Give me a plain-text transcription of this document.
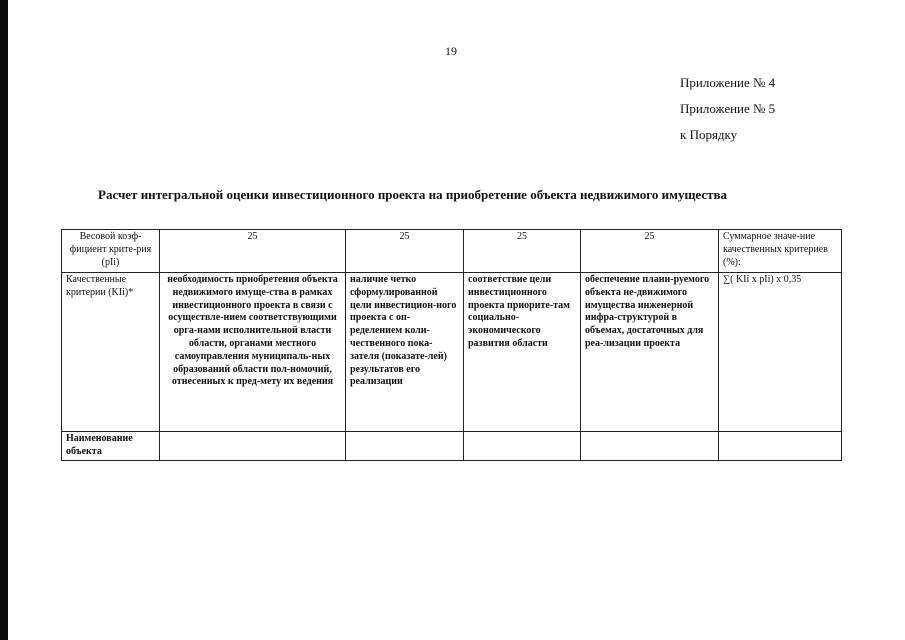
19
Приложение № 4
Приложение № 5
к Порядку
Расчет интегральной оценки инвестиционного проекта на приобретение объекта недвижимого имущества
Весовой коэф-фициент крите-рия (pIi)	25	25	25	25	Суммарное значе-ние качественных критериев (%):
Качественные критерии (KIi)*	необходимость приобретения объекта недвижимого имуще-ства в рамках инвестиционного проекта в связи с осуществле-нием соответствующими орга-нами исполнительной власти области, органами местного самоуправления муниципаль-ных образований области пол-номочий, отнесенных к пред-мету их ведения	наличие четко сформулированной цели инвестицион-ного проекта с оп-ределением коли-чественного пока-зателя (показате-лей) результатов его реализации	соответствие цели инвестиционного проекта приорите-там социально-экономического развития области	обеспечение плани-руемого объекта не-движимого имущества инженерной инфра-структурой в объемах, достаточных для реа-лизации проекта	∑( KIi x pIi) x 0,35
Наименование объекта					
